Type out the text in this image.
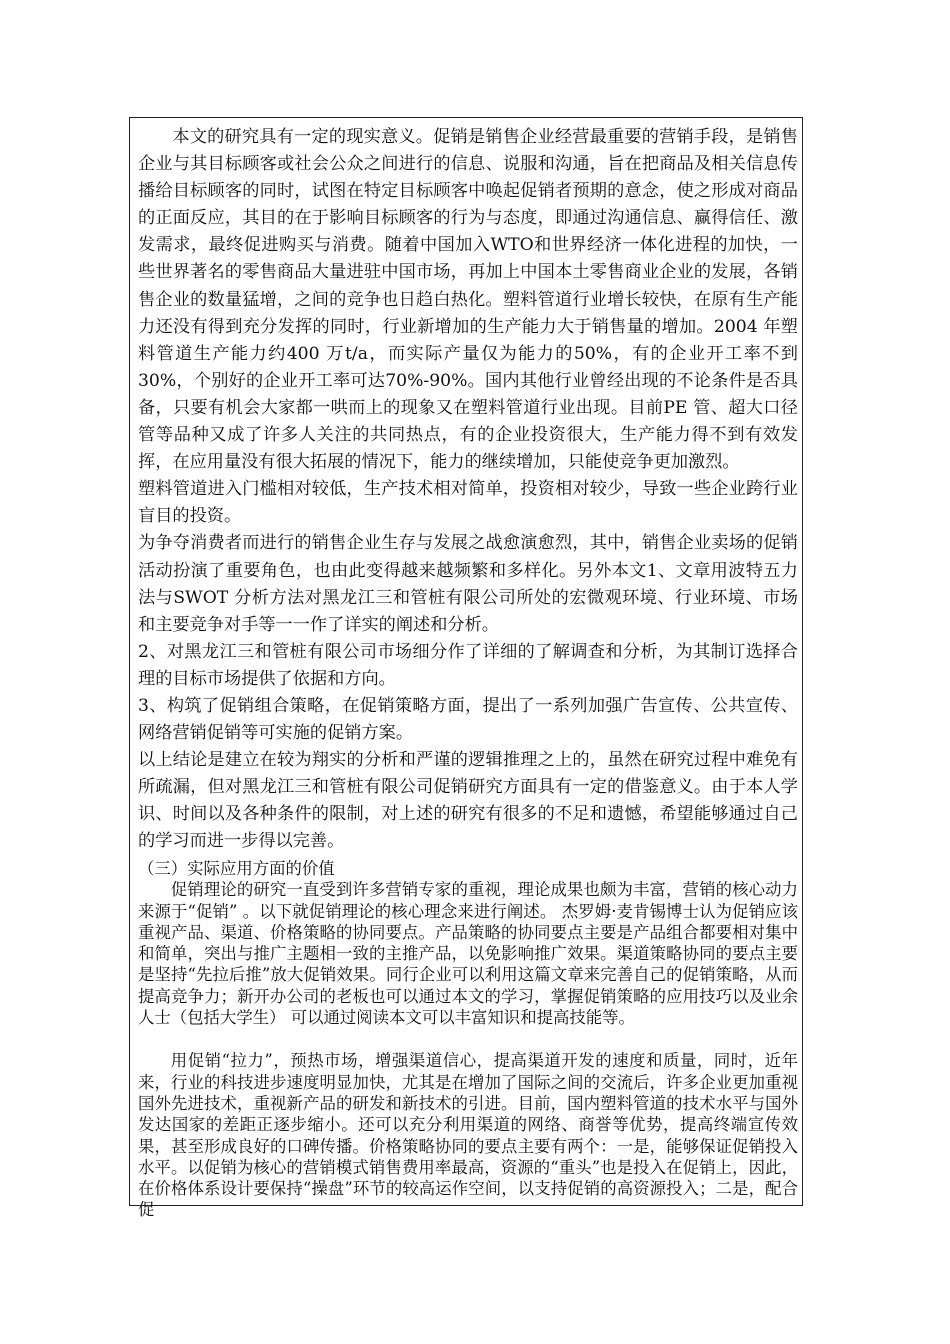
本文的研究具有一定的现实意义。促销是销售企业经营最重要的营销手段，是销售企业与其目标顾客或社会公众之间进行的信息、说服和沟通，旨在把商品及相关信息传播给目标顾客的同时，试图在特定目标顾客中唤起促销者预期的意念，使之形成对商品的正面反应，其目的在于影响目标顾客的行为与态度，即通过沟通信息、赢得信任、激发需求，最终促进购买与消费。随着中国加入WTO和世界经济一体化进程的加快，一些世界著名的零售商品大量进驻中国市场，再加上中国本土零售商业企业的发展，各销售企业的数量猛增，之间的竞争也日趋白热化。塑料管道行业增长较快，在原有生产能力还没有得到充分发挥的同时，行业新增加的生产能力大于销售量的增加。2004 年塑料管道生产能力约400 万t/a，而实际产量仅为能力的50%，有的企业开工率不到30%，个别好的企业开工率可达70%-90%。国内其他行业曾经出现的不论条件是否具备，只要有机会大家都一哄而上的现象又在塑料管道行业出现。目前PE 管、超大口径管等品种又成了许多人关注的共同热点，有的企业投资很大，生产能力得不到有效发挥，在应用量没有很大拓展的情况下，能力的继续增加，只能使竞争更加激烈。

塑料管道进入门槛相对较低，生产技术相对简单，投资相对较少，导致一些企业跨行业盲目的投资。

为争夺消费者而进行的销售企业生存与发展之战愈演愈烈，其中，销售企业卖场的促销活动扮演了重要角色，也由此变得越来越频繁和多样化。另外本文1、文章用波特五力法与SWOT 分析方法对黑龙江三和管桩有限公司所处的宏微观环境、行业环境、市场和主要竞争对手等一一作了详实的阐述和分析。

2、对黑龙江三和管桩有限公司市场细分作了详细的了解调查和分析，为其制订选择合理的目标市场提供了依据和方向。

3、构筑了促销组合策略，在促销策略方面，提出了一系列加强广告宣传、公共宣传、网络营销促销等可实施的促销方案。

以上结论是建立在较为翔实的分析和严谨的逻辑推理之上的，虽然在研究过程中难免有所疏漏，但对黑龙江三和管桩有限公司促销研究方面具有一定的借鉴意义。由于本人学识、时间以及各种条件的限制，对上述的研究有很多的不足和遗憾，希望能够通过自己的学习而进一步得以完善。

（三）实际应用方面的价值

促销理论的研究一直受到许多营销专家的重视，理论成果也颇为丰富，营销的核心动力来源于“促销” 。以下就促销理论的核心理念来进行阐述。 杰罗姆·麦肯锡博士认为促销应该重视产品、渠道、价格策略的协同要点。产品策略的协同要点主要是产品组合都要相对集中和简单，突出与推广主题相一致的主推产品，以免影响推广效果。渠道策略协同的要点主要是坚持“先拉后推”放大促销效果。同行企业可以利用这篇文章来完善自己的促销策略，从而提高竞争力；新开办公司的老板也可以通过本文的学习，掌握促销策略的应用技巧以及业余人士（包括大学生） 可以通过阅读本文可以丰富知识和提高技能等。

用促销“拉力”，预热市场，增强渠道信心，提高渠道开发的速度和质量，同时，近年来，行业的科技进步速度明显加快，尤其是在增加了国际之间的交流后，许多企业更加重视国外先进技术，重视新产品的研发和新技术的引进。目前，国内塑料管道的技术水平与国外发达国家的差距正逐步缩小。还可以充分利用渠道的网络、商誉等优势，提高终端宣传效果，甚至形成良好的口碑传播。价格策略协同的要点主要有两个：一是，能够保证促销投入水平。以促销为核心的营销模式销售费用率最高，资源的“重头”也是投入在促销上，因此，在价格体系设计要保持“操盘”环节的较高运作空间，以支持促销的高资源投入；二是，配合促
